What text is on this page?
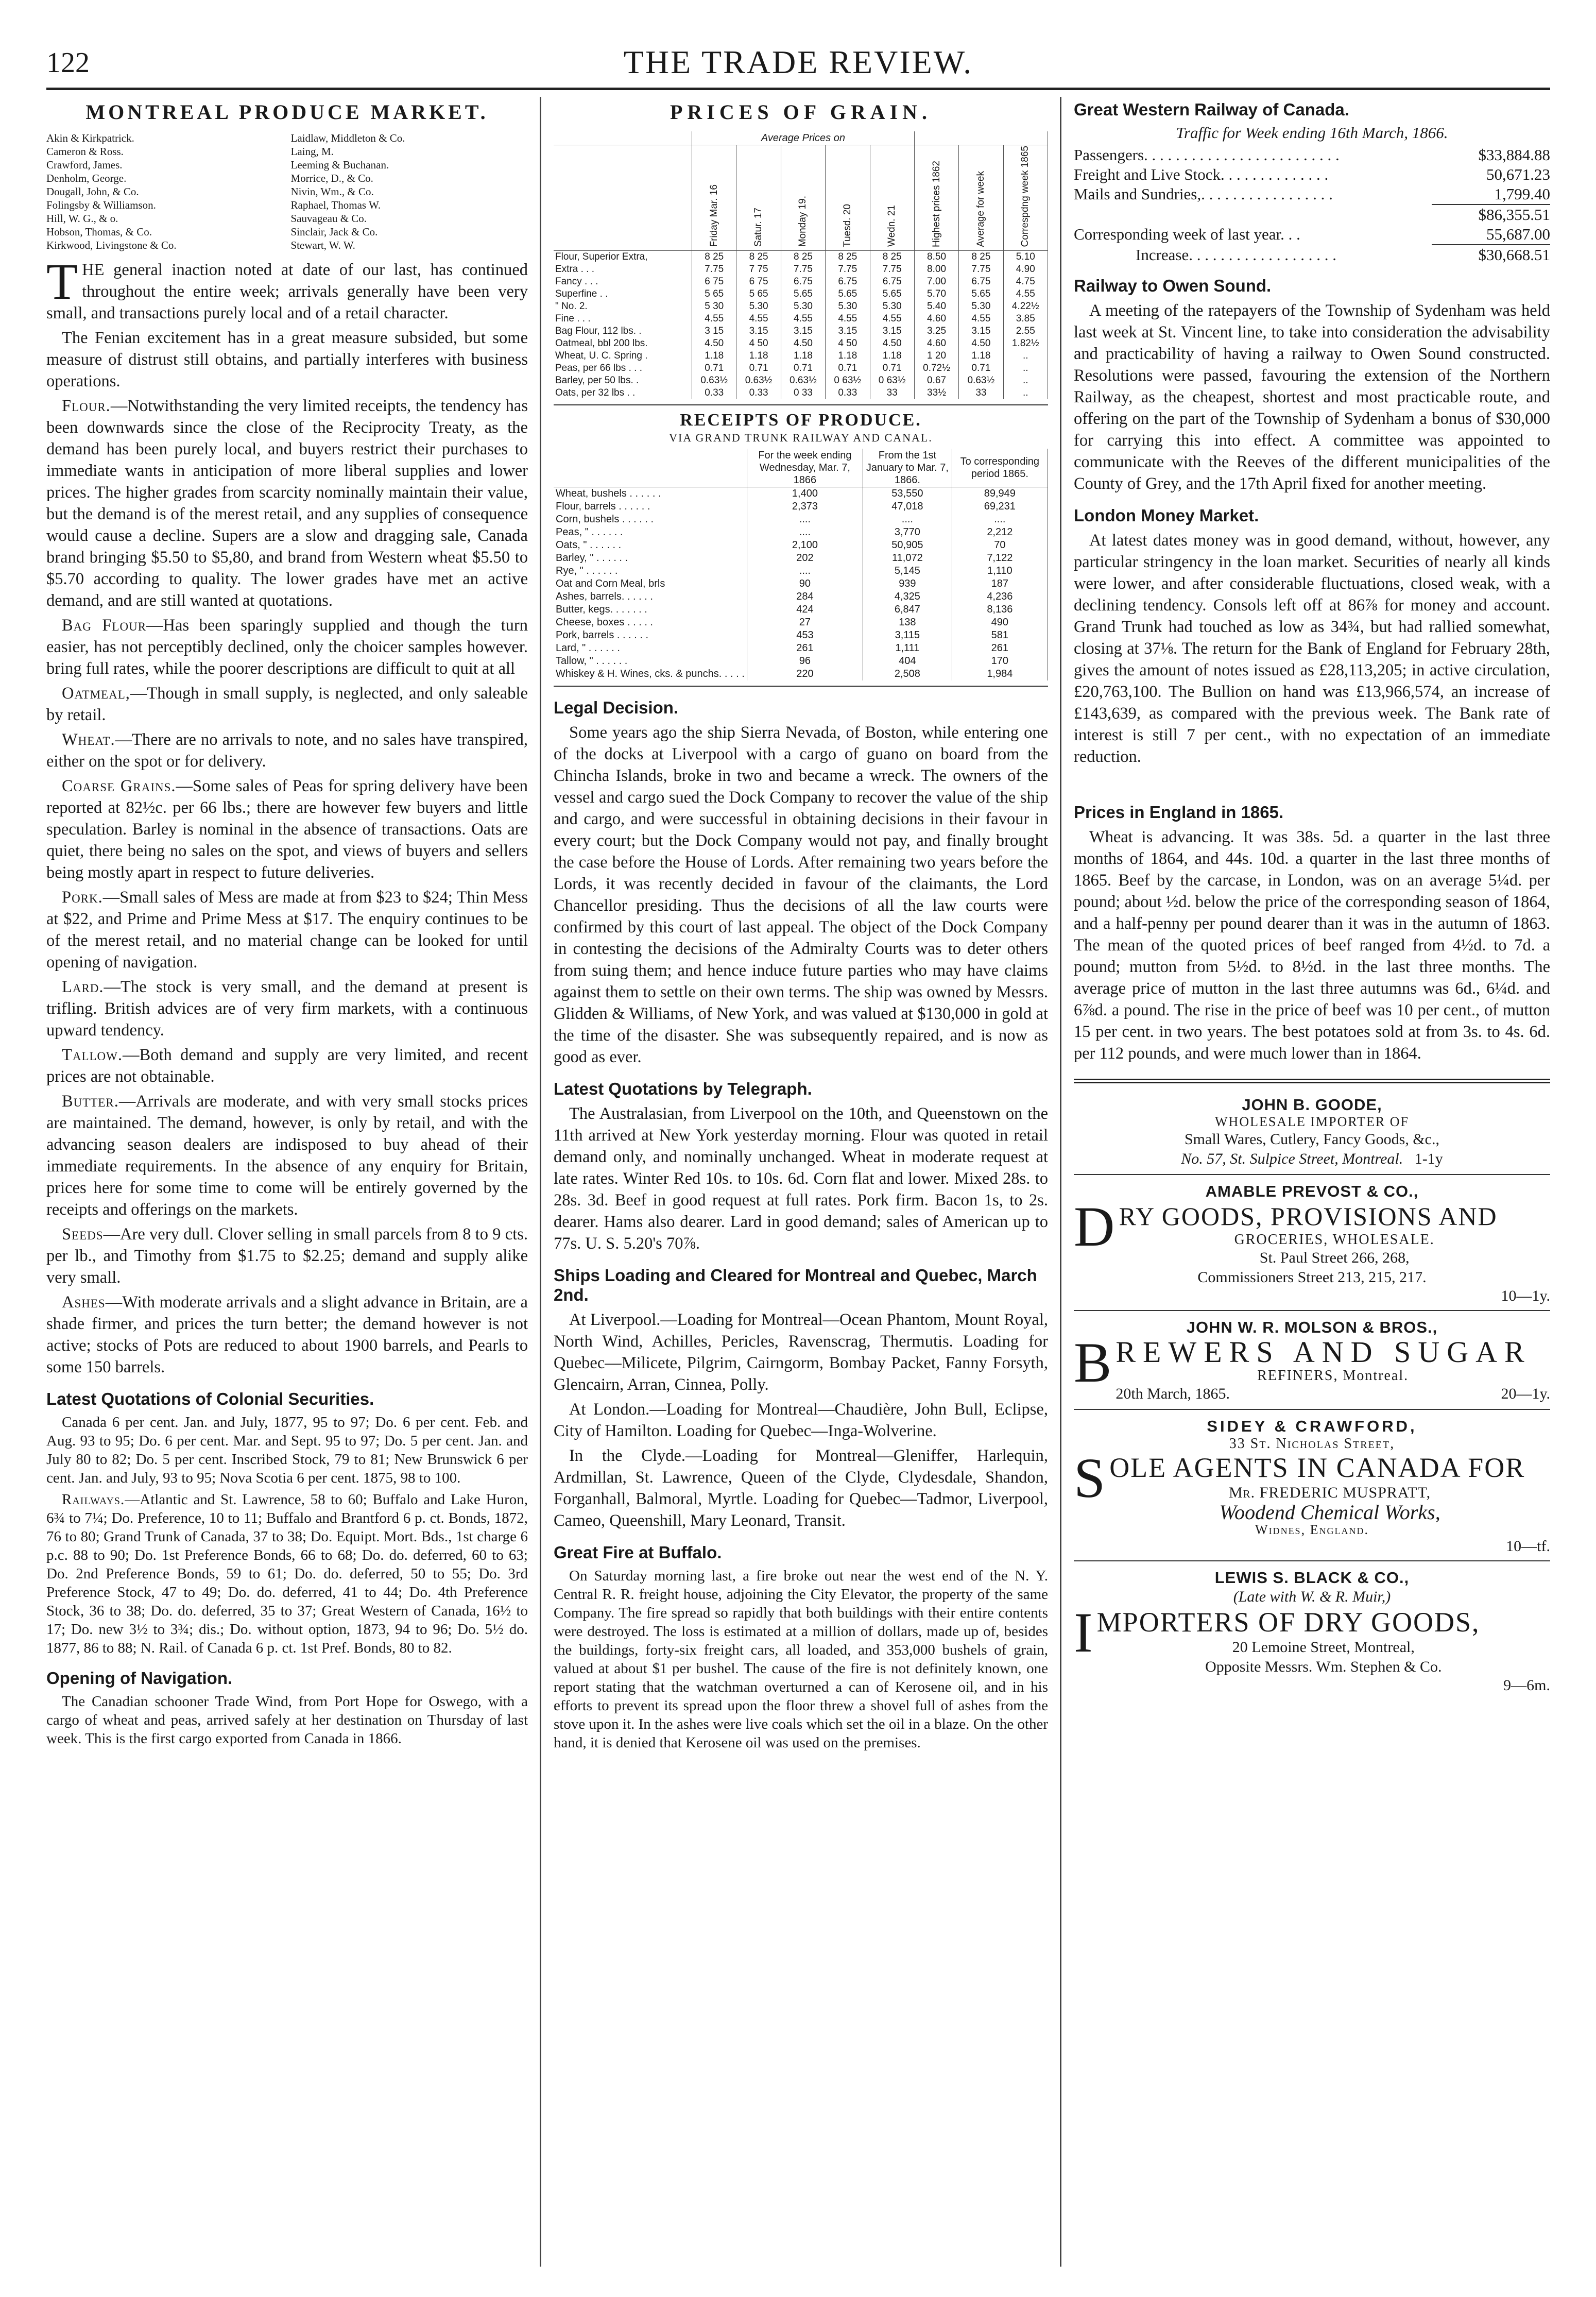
122	THE TRADE REVIEW.
MONTREAL PRODUCE MARKET.
Akin & Kirkpatrick.	Laidlaw, Middleton & Co.
Cameron & Ross.	Laing, M.
Crawford, James.	Leeming & Buchanan.
Denholm, George.	Morrice, D., & Co.
Dougall, John, & Co.	Nivin, Wm., & Co.
Folingsby & Williamson.	Raphael, Thomas W.
Hill, W. G., & o.	Sauvageau & Co.
Hobson, Thomas, & Co.	Sinclair, Jack & Co.
Kirkwood, Livingstone & Co.	Stewart, W. W.

THE general inaction noted at date of our last, has continued throughout the entire week; arrivals generally have been very small, and transactions purely local and of a retail character.

The Fenian excitement has in a great measure subsided, but some measure of distrust still obtains, and partially interferes with business operations.

Flour.—Notwithstanding the very limited receipts, the tendency has been downwards since the close of the Reciprocity Treaty, as the demand has been purely local, and buyers restrict their purchases to immediate wants in anticipation of more liberal supplies and lower prices. The higher grades from scarcity nominally maintain their value, but the demand is of the merest retail, and any supplies of consequence would cause a decline. Supers are a slow and dragging sale, Canada brand bringing $5.50 to $5,80, and brand from Western wheat $5.50 to $5.70 according to quality. The lower grades have met an active demand, and are still wanted at quotations.

Bag Flour—Has been sparingly supplied and though the turn easier, has not perceptibly declined, only the choicer samples however. bring full rates, while the poorer descriptions are difficult to quit at all

Oatmeal,—Though in small supply, is neglected, and only saleable by retail.

Wheat.—There are no arrivals to note, and no sales have transpired, either on the spot or for delivery.

Coarse Grains.—Some sales of Peas for spring delivery have been reported at 82½c. per 66 lbs.; there are however few buyers and little speculation. Barley is nominal in the absence of transactions. Oats are quiet, there being no sales on the spot, and views of buyers and sellers being mostly apart in respect to future deliveries.

Pork.—Small sales of Mess are made at from $23 to $24; Thin Mess at $22, and Prime and Prime Mess at $17. The enquiry continues to be of the merest retail, and no material change can be looked for until opening of navigation.

Lard.—The stock is very small, and the demand at present is trifling. British advices are of very firm markets, with a continuous upward tendency.

Tallow.—Both demand and supply are very limited, and recent prices are not obtainable.

Butter.—Arrivals are moderate, and with very small stocks prices are maintained. The demand, however, is only by retail, and with the advancing season dealers are indisposed to buy ahead of their immediate requirements. In the absence of any enquiry for Britain, prices here for some time to come will be entirely governed by the receipts and offerings on the markets.

Seeds—Are very dull. Clover selling in small parcels from 8 to 9 cts. per lb., and Timothy from $1.75 to $2.25; demand and supply alike very small.

Ashes—With moderate arrivals and a slight advance in Britain, are a shade firmer, and prices the turn better; the demand however is not active; stocks of Pots are reduced to about 1900 barrels, and Pearls to some 150 barrels.

Latest Quotations of Colonial Securities.

Canada 6 per cent. Jan. and July, 1877, 95 to 97; Do. 6 per cent. Feb. and Aug. 93 to 95; Do. 6 per cent. Mar. and Sept. 95 to 97; Do. 5 per cent. Jan. and July 80 to 82; Do. 5 per cent. Inscribed Stock, 79 to 81; New Brunswick 6 per cent. Jan. and July, 93 to 95; Nova Scotia 6 per cent. 1875, 98 to 100.

Railways.—Atlantic and St. Lawrence, 58 to 60; Buffalo and Lake Huron, 6¾ to 7¼; Do. Preference, 10 to 11; Buffalo and Brantford 6 p. ct. Bonds, 1872, 76 to 80; Grand Trunk of Canada, 37 to 38; Do. Equipt. Mort. Bds., 1st charge 6 p.c. 88 to 90; Do. 1st Preference Bonds, 66 to 68; Do. do. deferred, 60 to 63; Do. 2nd Preference Bonds, 59 to 61; Do. do. deferred, 50 to 55; Do. 3rd Preference Stock, 47 to 49; Do. do. deferred, 41 to 44; Do. 4th Preference Stock, 36 to 38; Do. do. deferred, 35 to 37; Great Western of Canada, 16½ to 17; Do. new 3½ to 3¾; dis.; Do. without option, 1873, 94 to 96; Do. 5½ do. 1877, 86 to 88; N. Rail. of Canada 6 p. ct. 1st Pref. Bonds, 80 to 82.

Opening of Navigation.

The Canadian schooner Trade Wind, from Port Hope for Oswego, with a cargo of wheat and peas, arrived safely at her destination on Thursday of last week. This is the first cargo exported from Canada in 1866.

PRICES OF GRAIN.
	Average Prices on							
	Friday Mar. 16	Satur. 17	Monday 19.	Tuesd. 20	Wedn. 21	Highest prices 1862	Average for week	Correspdng week 1865
Flour, Superior Extra,	8 25	8 25	8 25	8 25	8 25	8.50	8 25	5.10
Extra . . .	7.75	7 75	7.75	7.75	7.75	8.00	7.75	4.90
Fancy . . .	6 75	6 75	6.75	6.75	6.75	7.00	6.75	4.75
Superfine . .	5 65	5 65	5.65	5.65	5.65	5.70	5.65	4.55
" No. 2.	5 30	5.30	5.30	5.30	5.30	5.40	5.30	4.22½
Fine . . .	4.55	4.55	4.55	4.55	4.55	4.60	4.55	3.85
Bag Flour, 112 lbs. .	3 15	3.15	3.15	3.15	3.15	3.25	3.15	2.55
Oatmeal, bbl 200 lbs.	4.50	4 50	4.50	4 50	4.50	4.60	4.50	1.82½
Wheat, U. C. Spring .	1.18	1.18	1.18	1.18	1.18	1 20	1.18	..
Peas, per 66 lbs . . .	0.71	0.71	0.71	0.71	0.71	0.72½	0.71	..
Barley, per 50 lbs. .	0.63½	0.63½	0.63½	0 63½	0 63½	0.67	0.63½	..
Oats, per 32 lbs . .	0.33	0.33	0 33	0.33	33	33½	33	..
RECEIPTS OF PRODUCE.
VIA GRAND TRUNK RAILWAY AND CANAL.
	For the week ending Wednesday, Mar. 7, 1866	From the 1st January to Mar. 7, 1866.	To corresponding period 1865.
Wheat, bushels . . . . . .	1,400	53,550	89,949
Flour, barrels . . . . . .	2,373	47,018	69,231
Corn, bushels . . . . . .	....	....	....
Peas, " . . . . . .	....	3,770	2,212
Oats, " . . . . . .	2,100	50,905	70
Barley, " . . . . . .	202	11,072	7,122
Rye, " . . . . . .	....	5,145	1,110
Oat and Corn Meal, brls	90	939	187
Ashes, barrels. . . . . .	284	4,325	4,236
Butter, kegs. . . . . . .	424	6,847	8,136
Cheese, boxes . . . . .	27	138	490
Pork, barrels . . . . . .	453	3,115	581
Lard, " . . . . . .	261	1,111	261
Tallow, " . . . . . .	96	404	170
Whiskey & H. Wines, cks. & punchs. . . . .	220	2,508	1,984
Legal Decision.

Some years ago the ship Sierra Nevada, of Boston, while entering one of the docks at Liverpool with a cargo of guano on board from the Chincha Islands, broke in two and became a wreck. The owners of the vessel and cargo sued the Dock Company to recover the value of the ship and cargo, and were successful in obtaining decisions in their favour in every court; but the Dock Company would not pay, and finally brought the case before the House of Lords. After remaining two years before the Lords, it was recently decided in favour of the claimants, the Lord Chancellor presiding. Thus the decisions of all the law courts were confirmed by this court of last appeal. The object of the Dock Company in contesting the decisions of the Admiralty Courts was to deter others from suing them; and hence induce future parties who may have claims against them to settle on their own terms. The ship was owned by Messrs. Glidden & Williams, of New York, and was valued at $130,000 in gold at the time of the disaster. She was subsequently repaired, and is now as good as ever.

Latest Quotations by Telegraph.

The Australasian, from Liverpool on the 10th, and Queenstown on the 11th arrived at New York yesterday morning. Flour was quoted in retail demand only, and nominally unchanged. Wheat in moderate request at late rates. Winter Red 10s. to 10s. 6d. Corn flat and lower. Mixed 28s. to 28s. 3d. Beef in good request at full rates. Pork firm. Bacon 1s, to 2s. dearer. Hams also dearer. Lard in good demand; sales of American up to 77s. U. S. 5.20's 70⅞.

Ships Loading and Cleared for Montreal and Quebec, March 2nd.

At Liverpool.—Loading for Montreal—Ocean Phantom, Mount Royal, North Wind, Achilles, Pericles, Ravenscrag, Thermutis. Loading for Quebec—Milicete, Pilgrim, Cairngorm, Bombay Packet, Fanny Forsyth, Glencairn, Arran, Cinnea, Polly.

At London.—Loading for Montreal—Chaudière, John Bull, Eclipse, City of Hamilton. Loading for Quebec—Inga-Wolverine.

In the Clyde.—Loading for Montreal—Gleniffer, Harlequin, Ardmillan, St. Lawrence, Queen of the Clyde, Clydesdale, Shandon, Forganhall, Balmoral, Myrtle. Loading for Quebec—Tadmor, Liverpool, Cameo, Queenshill, Mary Leonard, Transit.

Great Fire at Buffalo.

On Saturday morning last, a fire broke out near the west end of the N. Y. Central R. R. freight house, adjoining the City Elevator, the property of the same Company. The fire spread so rapidly that both buildings with their entire contents were destroyed. The loss is estimated at a million of dollars, made up of, besides the buildings, forty-six freight cars, all loaded, and 353,000 bushels of grain, valued at about $1 per bushel. The cause of the fire is not definitely known, one report stating that the watchman overturned a can of Kerosene oil, and in his efforts to prevent its spread upon the floor threw a shovel full of ashes from the stove upon it. In the ashes were live coals which set the oil in a blaze. On the other hand, it is denied that Kerosene oil was used on the premises.

Great Western Railway of Canada.
Traffic for Week ending 16th March, 1866.
Passengers. . . . . . . . . . . . . . . . . . . . . . . . .	$33,884.88
Freight and Live Stock. . . . . . . . . . . . . .	50,671.23
Mails and Sundries,. . . . . . . . . . . . . . . . .	1,799.40
$86,355.51
Corresponding week of last year. . .	55,687.00
Increase. . . . . . . . . . . . . . . . . . .	$30,668.51
Railway to Owen Sound.

A meeting of the ratepayers of the Township of Sydenham was held last week at St. Vincent line, to take into consideration the advisability and practicability of having a railway to Owen Sound constructed. Resolutions were passed, favouring the extension of the Northern Railway, as the cheapest, shortest and most practicable route, and offering on the part of the Township of Sydenham a bonus of $30,000 for carrying this into effect. A committee was appointed to communicate with the Reeves of the different municipalities of the County of Grey, and the 17th April fixed for another meeting.

London Money Market.

At latest dates money was in good demand, without, however, any particular stringency in the loan market. Securities of nearly all kinds were lower, and after considerable fluctuations, closed weak, with a declining tendency. Consols left off at 86⅞ for money and account. Grand Trunk had touched as low as 34¾, but had rallied somewhat, closing at 37⅛. The return for the Bank of England for February 28th, gives the amount of notes issued as £28,113,205; in active circulation, £20,763,100. The Bullion on hand was £13,966,574, an increase of £143,639, as compared with the previous week. The Bank rate of interest is still 7 per cent., with no expectation of an immediate reduction.

Prices in England in 1865.

Wheat is advancing. It was 38s. 5d. a quarter in the last three months of 1864, and 44s. 10d. a quarter in the last three months of 1865. Beef by the carcase, in London, was on an average 5¼d. per pound; about ½d. below the price of the corresponding season of 1864, and a half-penny per pound dearer than it was in the autumn of 1863. The mean of the quoted prices of beef ranged from 4½d. to 7d. a pound; mutton from 5½d. to 8½d. in the last three months. The average price of mutton in the last three autumns was 6d., 6¼d. and 6⅞d. a pound. The rise in the price of beef was 10 per cent., of mutton 15 per cent. in two years. The best potatoes sold at from 3s. to 4s. 6d. per 112 pounds, and were much lower than in 1864.

JOHN B. GOODE,
WHOLESALE IMPORTER OF
Small Wares, Cutlery, Fancy Goods, &c.,
No. 57, St. Sulpice Street, Montreal. 1-1y
AMABLE PREVOST & CO.,
DRY GOODS, PROVISIONS AND
GROCERIES, WHOLESALE.
St. Paul Street 266, 268,
Commissioners Street 213, 215, 217.
10—1y.
JOHN W. R. MOLSON & BROS.,
BREWERS AND SUGAR
REFINERS, Montreal.
20th March, 1865.	20—1y.
SIDEY & CRAWFORD,
33 St. Nicholas Street,
SOLE AGENTS IN CANADA FOR
Mr. FREDERIC MUSPRATT,
Woodend Chemical Works,
Widnes, England.
10—tf.
LEWIS S. BLACK & CO.,
(Late with W. & R. Muir,)
IMPORTERS OF DRY GOODS,
20 Lemoine Street, Montreal,
Opposite Messrs. Wm. Stephen & Co.
9—6m.
